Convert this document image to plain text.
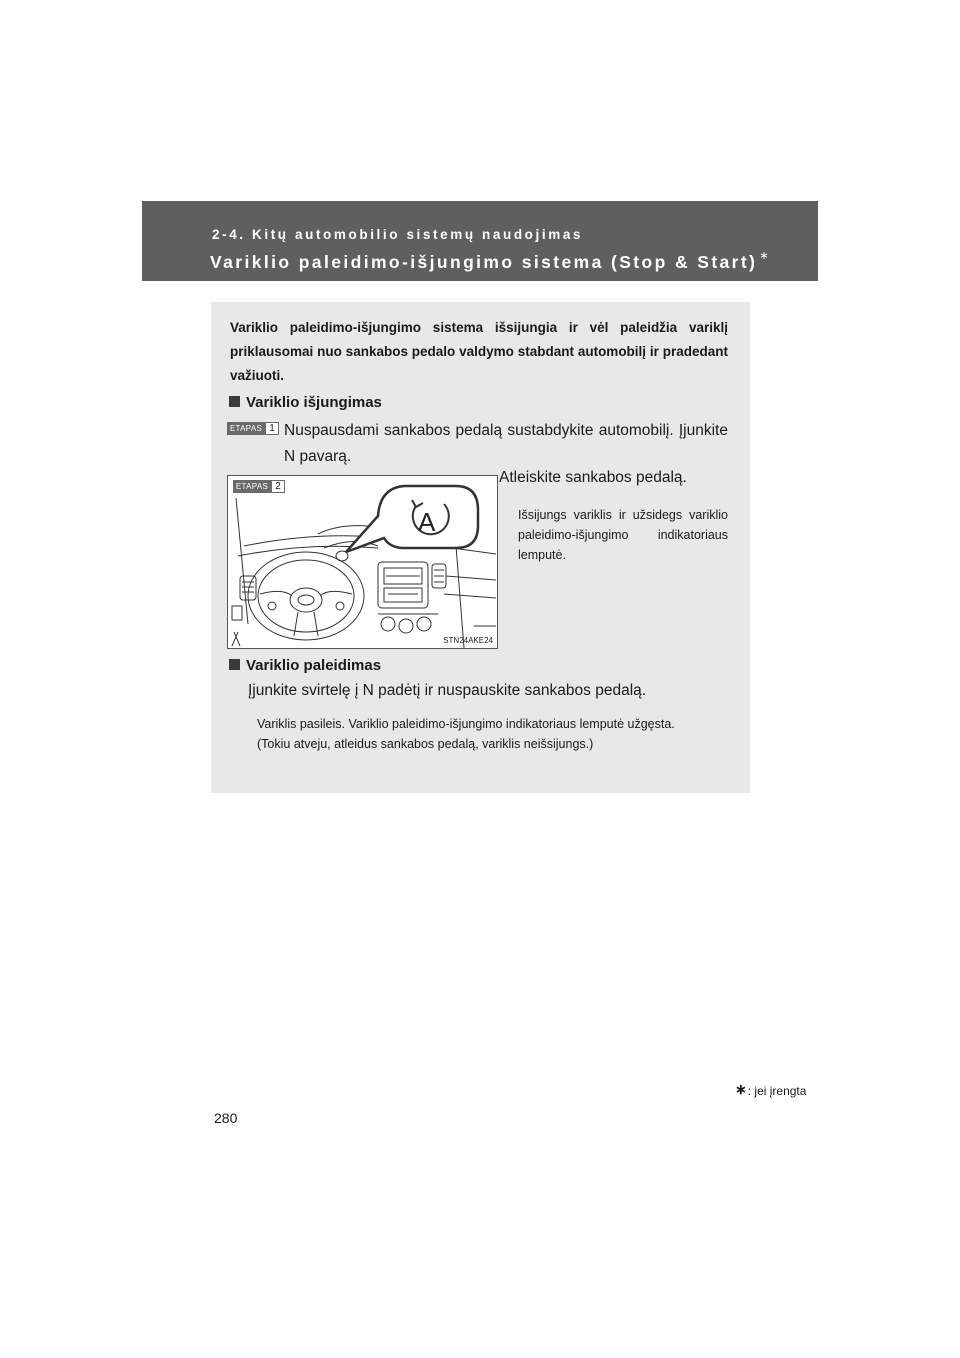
2-4. Kitų automobilio sistemų naudojimas
Variklio paleidimo-išjungimo sistema (Stop & Start) ∗
Variklio paleidimo-išjungimo sistema išsijungia ir vėl paleidžia variklį priklausomai nuo sankabos pedalo valdymo stabdant automobilį ir pradedant važiuoti.
Variklio išjungimas
ETAPAS 1 Nuspausdami sankabos pedalą sustabdykite automobilį. Įjunkite N pavarą.
A
ETAPAS 2
STN24AKE24
Atleiskite sankabos pedalą.
Išsijungs variklis ir užsidegs variklio paleidimo-išjungimo indikatoriaus lemputė.
Variklio paleidimas
Įjunkite svirtelę į N padėtį ir nuspauskite sankabos pedalą.
Variklis pasileis. Variklio paleidimo-išjungimo indikatoriaus lemputė užgęsta.
(Tokiu atveju, atleidus sankabos pedalą, variklis neišsijungs.)
∗: jei įrengta
280
